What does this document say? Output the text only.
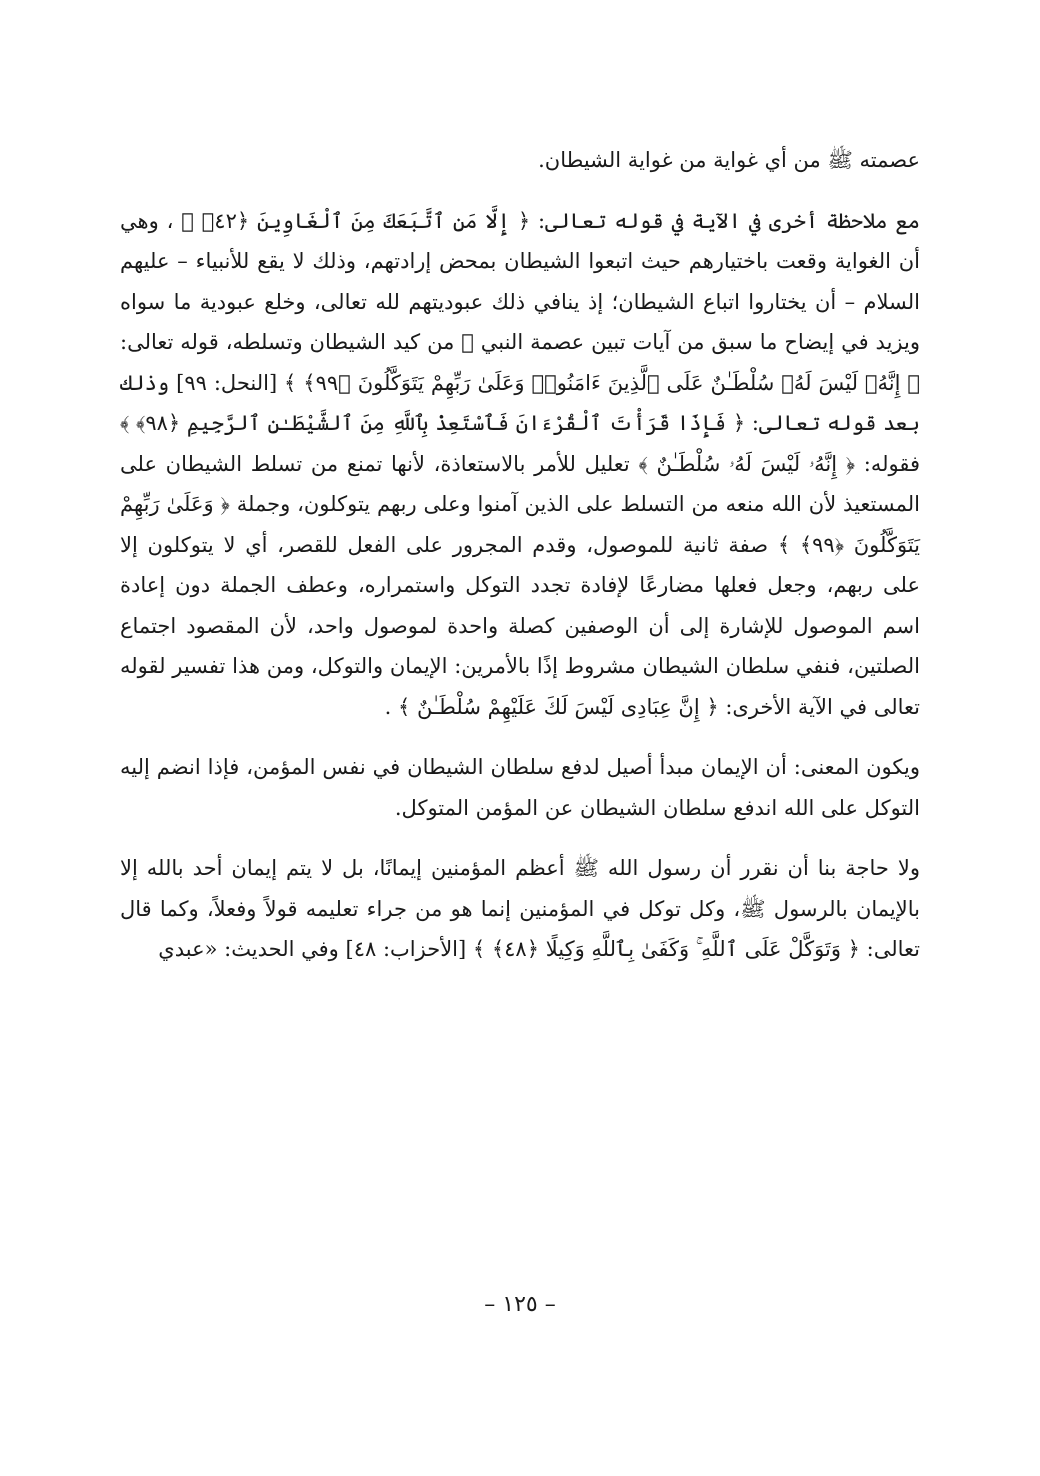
عصمته ﷺ من أي غواية من غواية الشيطان.

مع ملاحظة أخرى في الآية في قوله تعالى: ﴿ إِلَّا مَنِ ٱتَّبَعَكَ مِنَ ٱلْغَاوِينَ ﴿٤٢﴾ ﴾ ، وهي أن الغواية وقعت باختيارهم حيث اتبعوا الشيطان بمحض إرادتهم، وذلك لا يقع للأنبياء – عليهم السلام – أن يختاروا اتباع الشيطان؛ إذ ينافي ذلك عبوديتهم لله تعالى، وخلع عبودية ما سواه ويزيد في إيضاح ما سبق من آيات تبين عصمة النبي ﷺ من كيد الشيطان وتسلطه، قوله تعالى: ﴿ إِنَّهُۥ لَيْسَ لَهُۥ سُلْطَـٰنٌ عَلَى ٱلَّذِينَ ءَامَنُوا۟ وَعَلَىٰ رَبِّهِمْ يَتَوَكَّلُونَ ﴿٩٩﴾ ﴾ [النحل: ٩٩] وذلك بعد قوله تعالى: ﴿ فَإِذَا قَرَأْتَ ٱلْقُرْءَانَ فَٱسْتَعِذْ بِٱللَّهِ مِنَ ٱلشَّيْطَـٰنِ ٱلرَّجِيمِ ﴿٩٨﴾ ﴾ فقوله: ﴿ إِنَّهُۥ لَيْسَ لَهُۥ سُلْطَـٰنٌ ﴾ تعليل للأمر بالاستعاذة، لأنها تمنع من تسلط الشيطان على المستعيذ لأن الله منعه من التسلط على الذين آمنوا وعلى ربهم يتوكلون، وجملة ﴿ وَعَلَىٰ رَبِّهِمْ يَتَوَكَّلُونَ ﴿٩٩﴾ ﴾ صفة ثانية للموصول، وقدم المجرور على الفعل للقصر، أي لا يتوكلون إلا على ربهم، وجعل فعلها مضارعًا لإفادة تجدد التوكل واستمراره، وعطف الجملة دون إعادة اسم الموصول للإشارة إلى أن الوصفين كصلة واحدة لموصول واحد، لأن المقصود اجتماع الصلتين، فنفي سلطان الشيطان مشروط إذًا بالأمرين: الإيمان والتوكل، ومن هذا تفسير لقوله تعالى في الآية الأخرى: ﴿ إِنَّ عِبَادِى لَيْسَ لَكَ عَلَيْهِمْ سُلْطَـٰنٌ ﴾ .

ويكون المعنى: أن الإيمان مبدأ أصيل لدفع سلطان الشيطان في نفس المؤمن، فإذا انضم إليه التوكل على الله اندفع سلطان الشيطان عن المؤمن المتوكل.

ولا حاجة بنا أن نقرر أن رسول الله ﷺ أعظم المؤمنين إيمانًا، بل لا يتم إيمان أحد بالله إلا بالإيمان بالرسول ﷺ، وكل توكل في المؤمنين إنما هو من جراء تعليمه قولاً وفعلاً، وكما قال تعالى: ﴿ وَتَوَكَّلْ عَلَى ٱللَّهِ ۚ وَكَفَىٰ بِٱللَّهِ وَكِيلًا ﴿٤٨﴾ ﴾ [الأحزاب: ٤٨] وفي الحديث: «عبدي

– ١٢٥ –
